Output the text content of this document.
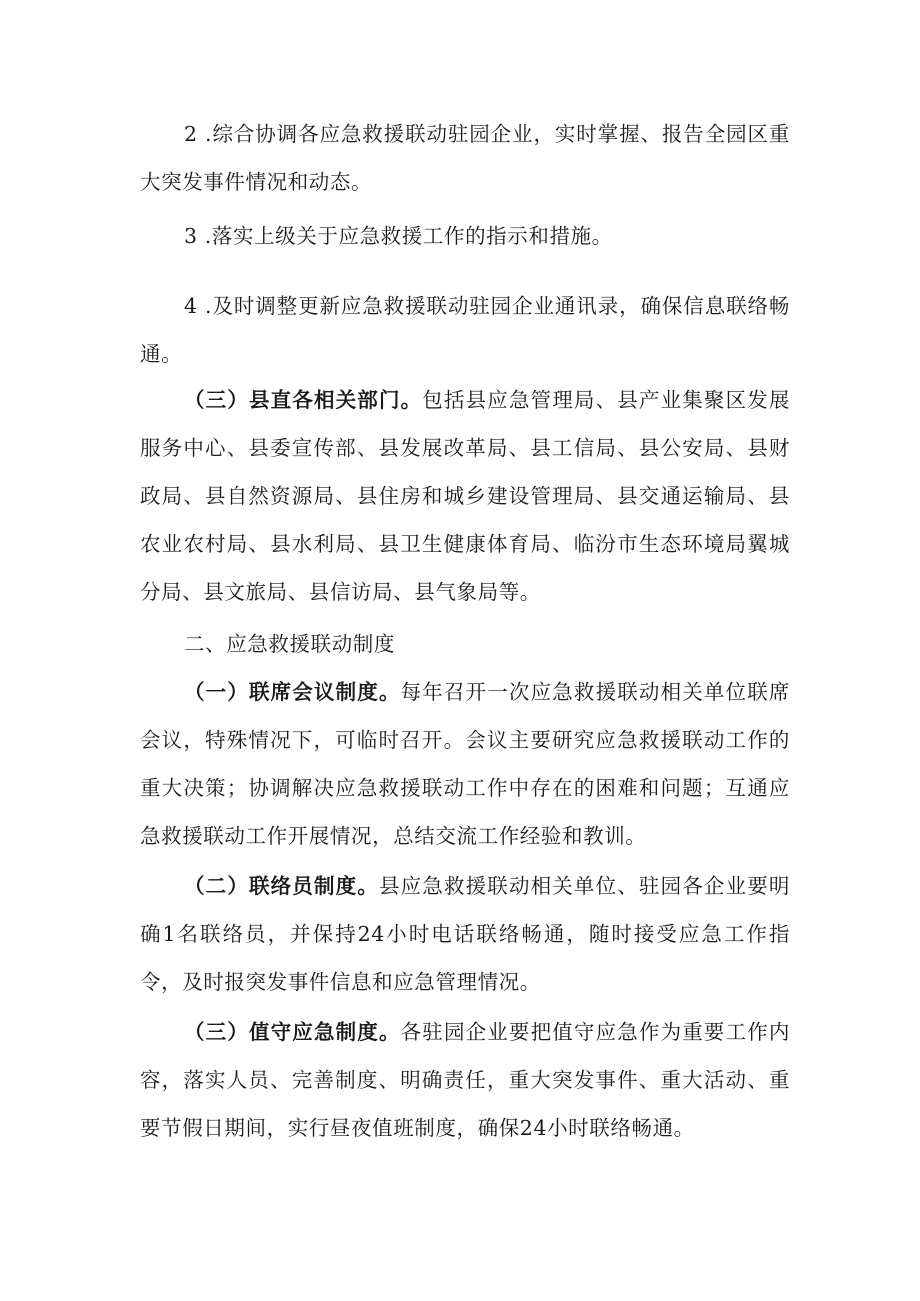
2 .综合协调各应急救援联动驻园企业，实时掌握、报告全园区重大突发事件情况和动态。

3 .落实上级关于应急救援工作的指示和措施。

4 .及时调整更新应急救援联动驻园企业通讯录，确保信息联络畅通。

（三）县直各相关部门。包括县应急管理局、县产业集聚区发展服务中心、县委宣传部、县发展改革局、县工信局、县公安局、县财政局、县自然资源局、县住房和城乡建设管理局、县交通运输局、县农业农村局、县水利局、县卫生健康体育局、临汾市生态环境局翼城分局、县文旅局、县信访局、县气象局等。

二、应急救援联动制度

（一）联席会议制度。每年召开一次应急救援联动相关单位联席会议，特殊情况下，可临时召开。会议主要研究应急救援联动工作的重大决策；协调解决应急救援联动工作中存在的困难和问题；互通应急救援联动工作开展情况，总结交流工作经验和教训。

（二）联络员制度。县应急救援联动相关单位、驻园各企业要明确1名联络员，并保持24小时电话联络畅通，随时接受应急工作指令，及时报突发事件信息和应急管理情况。

（三）值守应急制度。各驻园企业要把值守应急作为重要工作内容，落实人员、完善制度、明确责任，重大突发事件、重大活动、重要节假日期间，实行昼夜值班制度，确保24小时联络畅通。
